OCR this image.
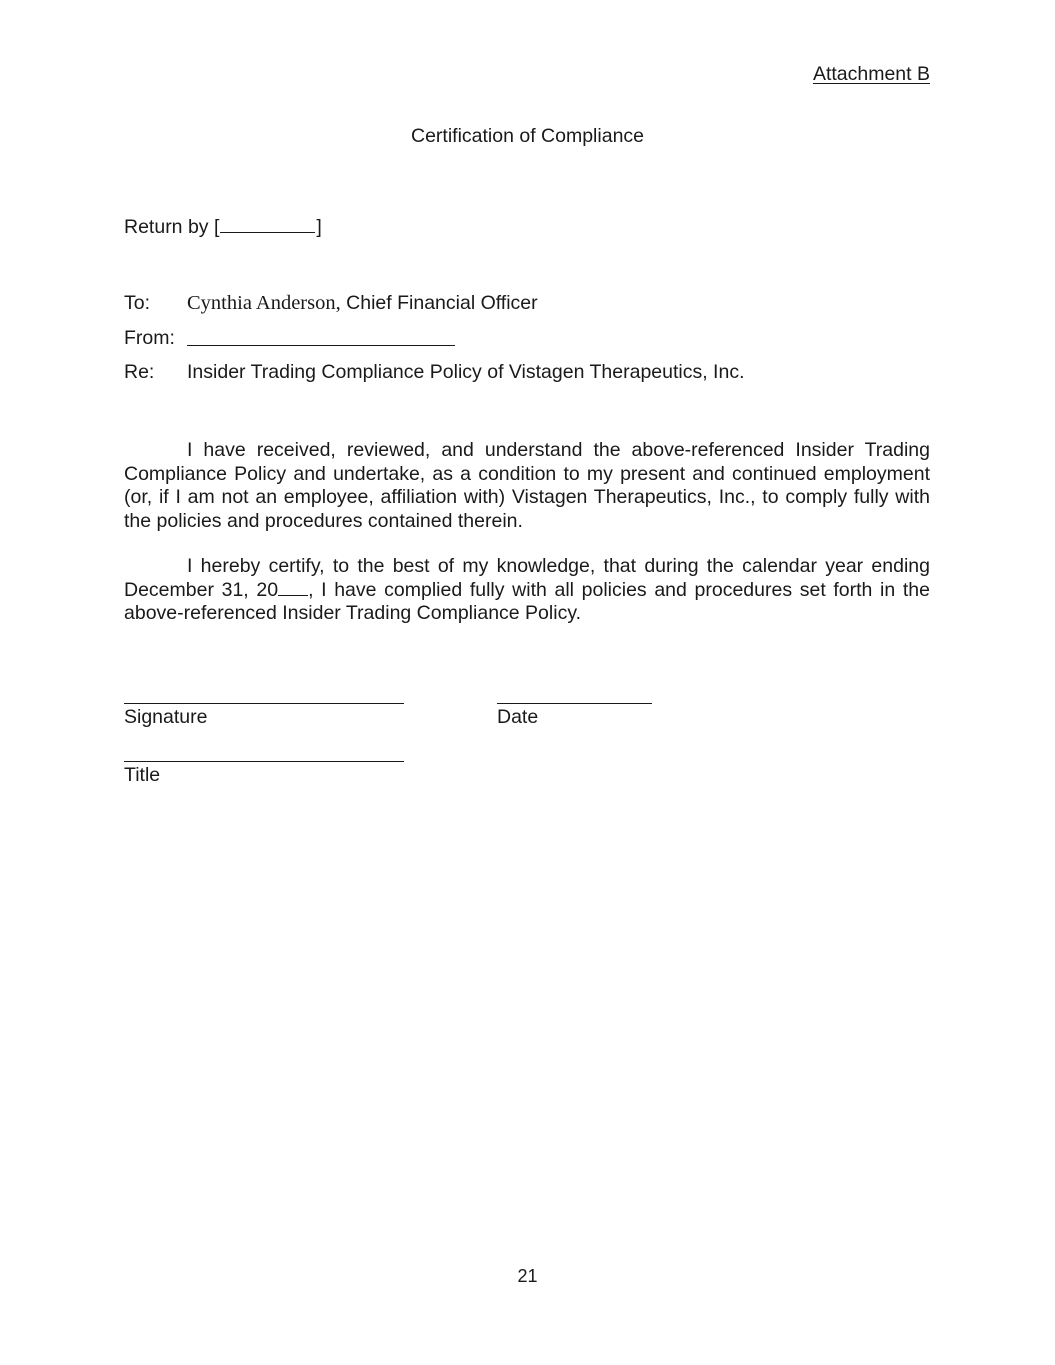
Attachment B
Certification of Compliance
Return by [	]
To: Cynthia Anderson, Chief Financial Officer
From:
Re: Insider Trading Compliance Policy of Vistagen Therapeutics, Inc.

I have received, reviewed, and understand the above-referenced Insider Trading Compliance Policy and undertake, as a condition to my present and continued employment (or, if I am not an employee, affiliation with) Vistagen Therapeutics, Inc., to comply fully with the policies and procedures contained therein.

I hereby certify, to the best of my knowledge, that during the calendar year ending December 31, 20 , I have complied fully with all policies and procedures set forth in the above-referenced Insider Trading Compliance Policy.

Signature	Date
Title
21
